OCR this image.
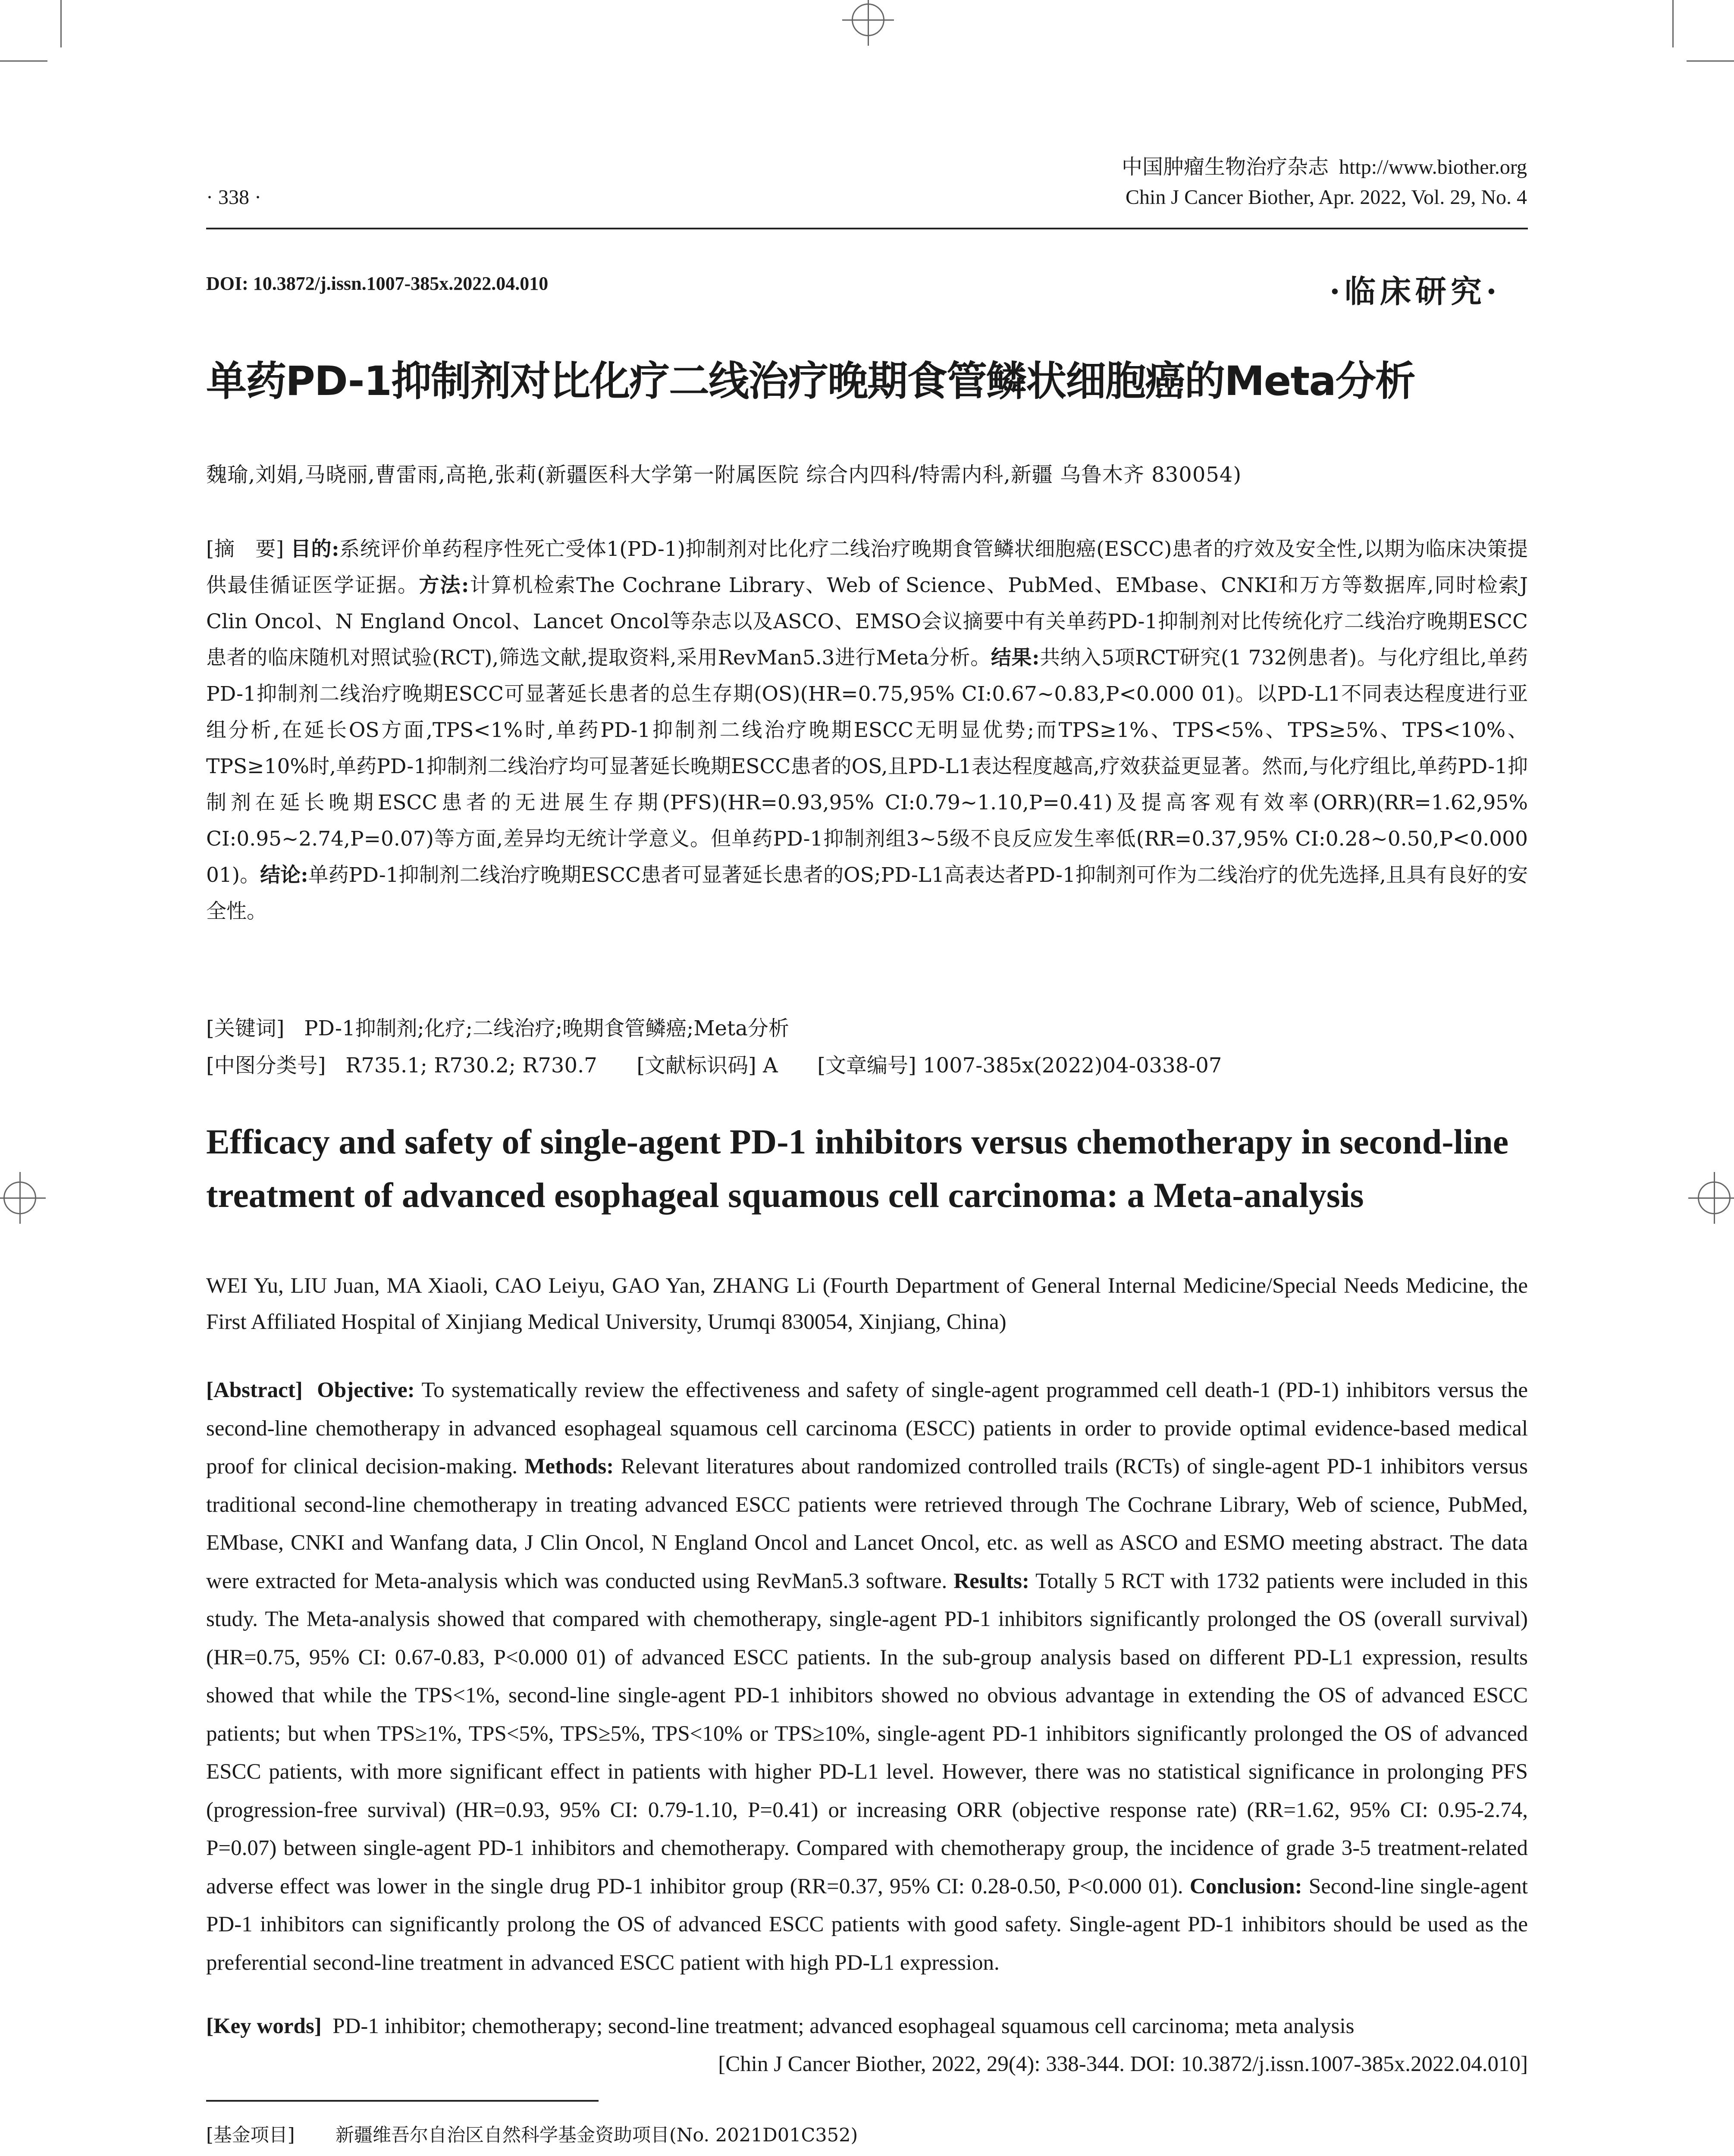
中国肿瘤生物治疗杂志 http://www.biother.org
· 338 ·	Chin J Cancer Biother, Apr. 2022, Vol. 29, No. 4
DOI: 10.3872/j.issn.1007-385x.2022.04.010	·临床研究·
单药PD-1抑制剂对比化疗二线治疗晚期食管鳞状细胞癌的Meta分析
魏瑜,刘娟,马晓丽,曹雷雨,高艳,张莉(新疆医科大学第一附属医院 综合内四科/特需内科,新疆 乌鲁木齐 830054)
[摘　要] 目的:系统评价单药程序性死亡受体1(PD-1)抑制剂对比化疗二线治疗晚期食管鳞状细胞癌(ESCC)患者的疗效及安全性,以期为临床决策提供最佳循证医学证据。方法:计算机检索The Cochrane Library、Web of Science、PubMed、EMbase、CNKI和万方等数据库,同时检索J Clin Oncol、N England Oncol、Lancet Oncol等杂志以及ASCO、EMSO会议摘要中有关单药PD-1抑制剂对比传统化疗二线治疗晚期ESCC患者的临床随机对照试验(RCT),筛选文献,提取资料,采用RevMan5.3进行Meta分析。结果:共纳入5项RCT研究(1 732例患者)。与化疗组比,单药PD-1抑制剂二线治疗晚期ESCC可显著延长患者的总生存期(OS)(HR=0.75,95% CI:0.67~0.83,P<0.000 01)。以PD-L1不同表达程度进行亚组分析,在延长OS方面,TPS<1%时,单药PD-1抑制剂二线治疗晚期ESCC无明显优势;而TPS≥1%、TPS<5%、TPS≥5%、TPS<10%、TPS≥10%时,单药PD-1抑制剂二线治疗均可显著延长晚期ESCC患者的OS,且PD-L1表达程度越高,疗效获益更显著。然而,与化疗组比,单药PD-1抑制剂在延长晚期ESCC患者的无进展生存期(PFS)(HR=0.93,95% CI:0.79~1.10,P=0.41)及提高客观有效率(ORR)(RR=1.62,95% CI:0.95~2.74,P=0.07)等方面,差异均无统计学意义。但单药PD-1抑制剂组3~5级不良反应发生率低(RR=0.37,95% CI:0.28~0.50,P<0.000 01)。结论:单药PD-1抑制剂二线治疗晚期ESCC患者可显著延长患者的OS;PD-L1高表达者PD-1抑制剂可作为二线治疗的优先选择,且具有良好的安全性。
[关键词] PD-1抑制剂;化疗;二线治疗;晚期食管鳞癌;Meta分析
[中图分类号] R735.1; R730.2; R730.7 [文献标识码] A [文章编号] 1007-385x(2022)04-0338-07
Efficacy and safety of single-agent PD-1 inhibitors versus chemotherapy in second-line treatment of advanced esophageal squamous cell carcinoma: a Meta-analysis
WEI Yu, LIU Juan, MA Xiaoli, CAO Leiyu, GAO Yan, ZHANG Li (Fourth Department of General Internal Medicine/Special Needs Medicine, the First Affiliated Hospital of Xinjiang Medical University, Urumqi 830054, Xinjiang, China)
[Abstract] Objective: To systematically review the effectiveness and safety of single-agent programmed cell death-1 (PD-1) inhibitors versus the second-line chemotherapy in advanced esophageal squamous cell carcinoma (ESCC) patients in order to provide optimal evidence-based medical proof for clinical decision-making. Methods: Relevant literatures about randomized controlled trails (RCTs) of single-agent PD-1 inhibitors versus traditional second-line chemotherapy in treating advanced ESCC patients were retrieved through The Cochrane Library, Web of science, PubMed, EMbase, CNKI and Wanfang data, J Clin Oncol, N England Oncol and Lancet Oncol, etc. as well as ASCO and ESMO meeting abstract. The data were extracted for Meta-analysis which was conducted using RevMan5.3 software. Results: Totally 5 RCT with 1732 patients were included in this study. The Meta-analysis showed that compared with chemotherapy, single-agent PD-1 inhibitors significantly prolonged the OS (overall survival) (HR=0.75, 95% CI: 0.67-0.83, P<0.000 01) of advanced ESCC patients. In the sub-group analysis based on different PD-L1 expression, results showed that while the TPS<1%, second-line single-agent PD-1 inhibitors showed no obvious advantage in extending the OS of advanced ESCC patients; but when TPS≥1%, TPS<5%, TPS≥5%, TPS<10% or TPS≥10%, single-agent PD-1 inhibitors significantly prolonged the OS of advanced ESCC patients, with more significant effect in patients with higher PD-L1 level. However, there was no statistical significance in prolonging PFS (progression-free survival) (HR=0.93, 95% CI: 0.79-1.10, P=0.41) or increasing ORR (objective response rate) (RR=1.62, 95% CI: 0.95-2.74, P=0.07) between single-agent PD-1 inhibitors and chemotherapy. Compared with chemotherapy group, the incidence of grade 3-5 treatment-related adverse effect was lower in the single drug PD-1 inhibitor group (RR=0.37, 95% CI: 0.28-0.50, P<0.000 01). Conclusion: Second-line single-agent PD-1 inhibitors can significantly prolong the OS of advanced ESCC patients with good safety. Single-agent PD-1 inhibitors should be used as the preferential second-line treatment in advanced ESCC patient with high PD-L1 expression.
[Key words] PD-1 inhibitor; chemotherapy; second-line treatment; advanced esophageal squamous cell carcinoma; meta analysis
[Chin J Cancer Biother, 2022, 29(4): 338-344. DOI: 10.3872/j.issn.1007-385x.2022.04.010]
[基金项目] 新疆维吾尔自治区自然科学基金资助项目(No. 2021D01C352)
